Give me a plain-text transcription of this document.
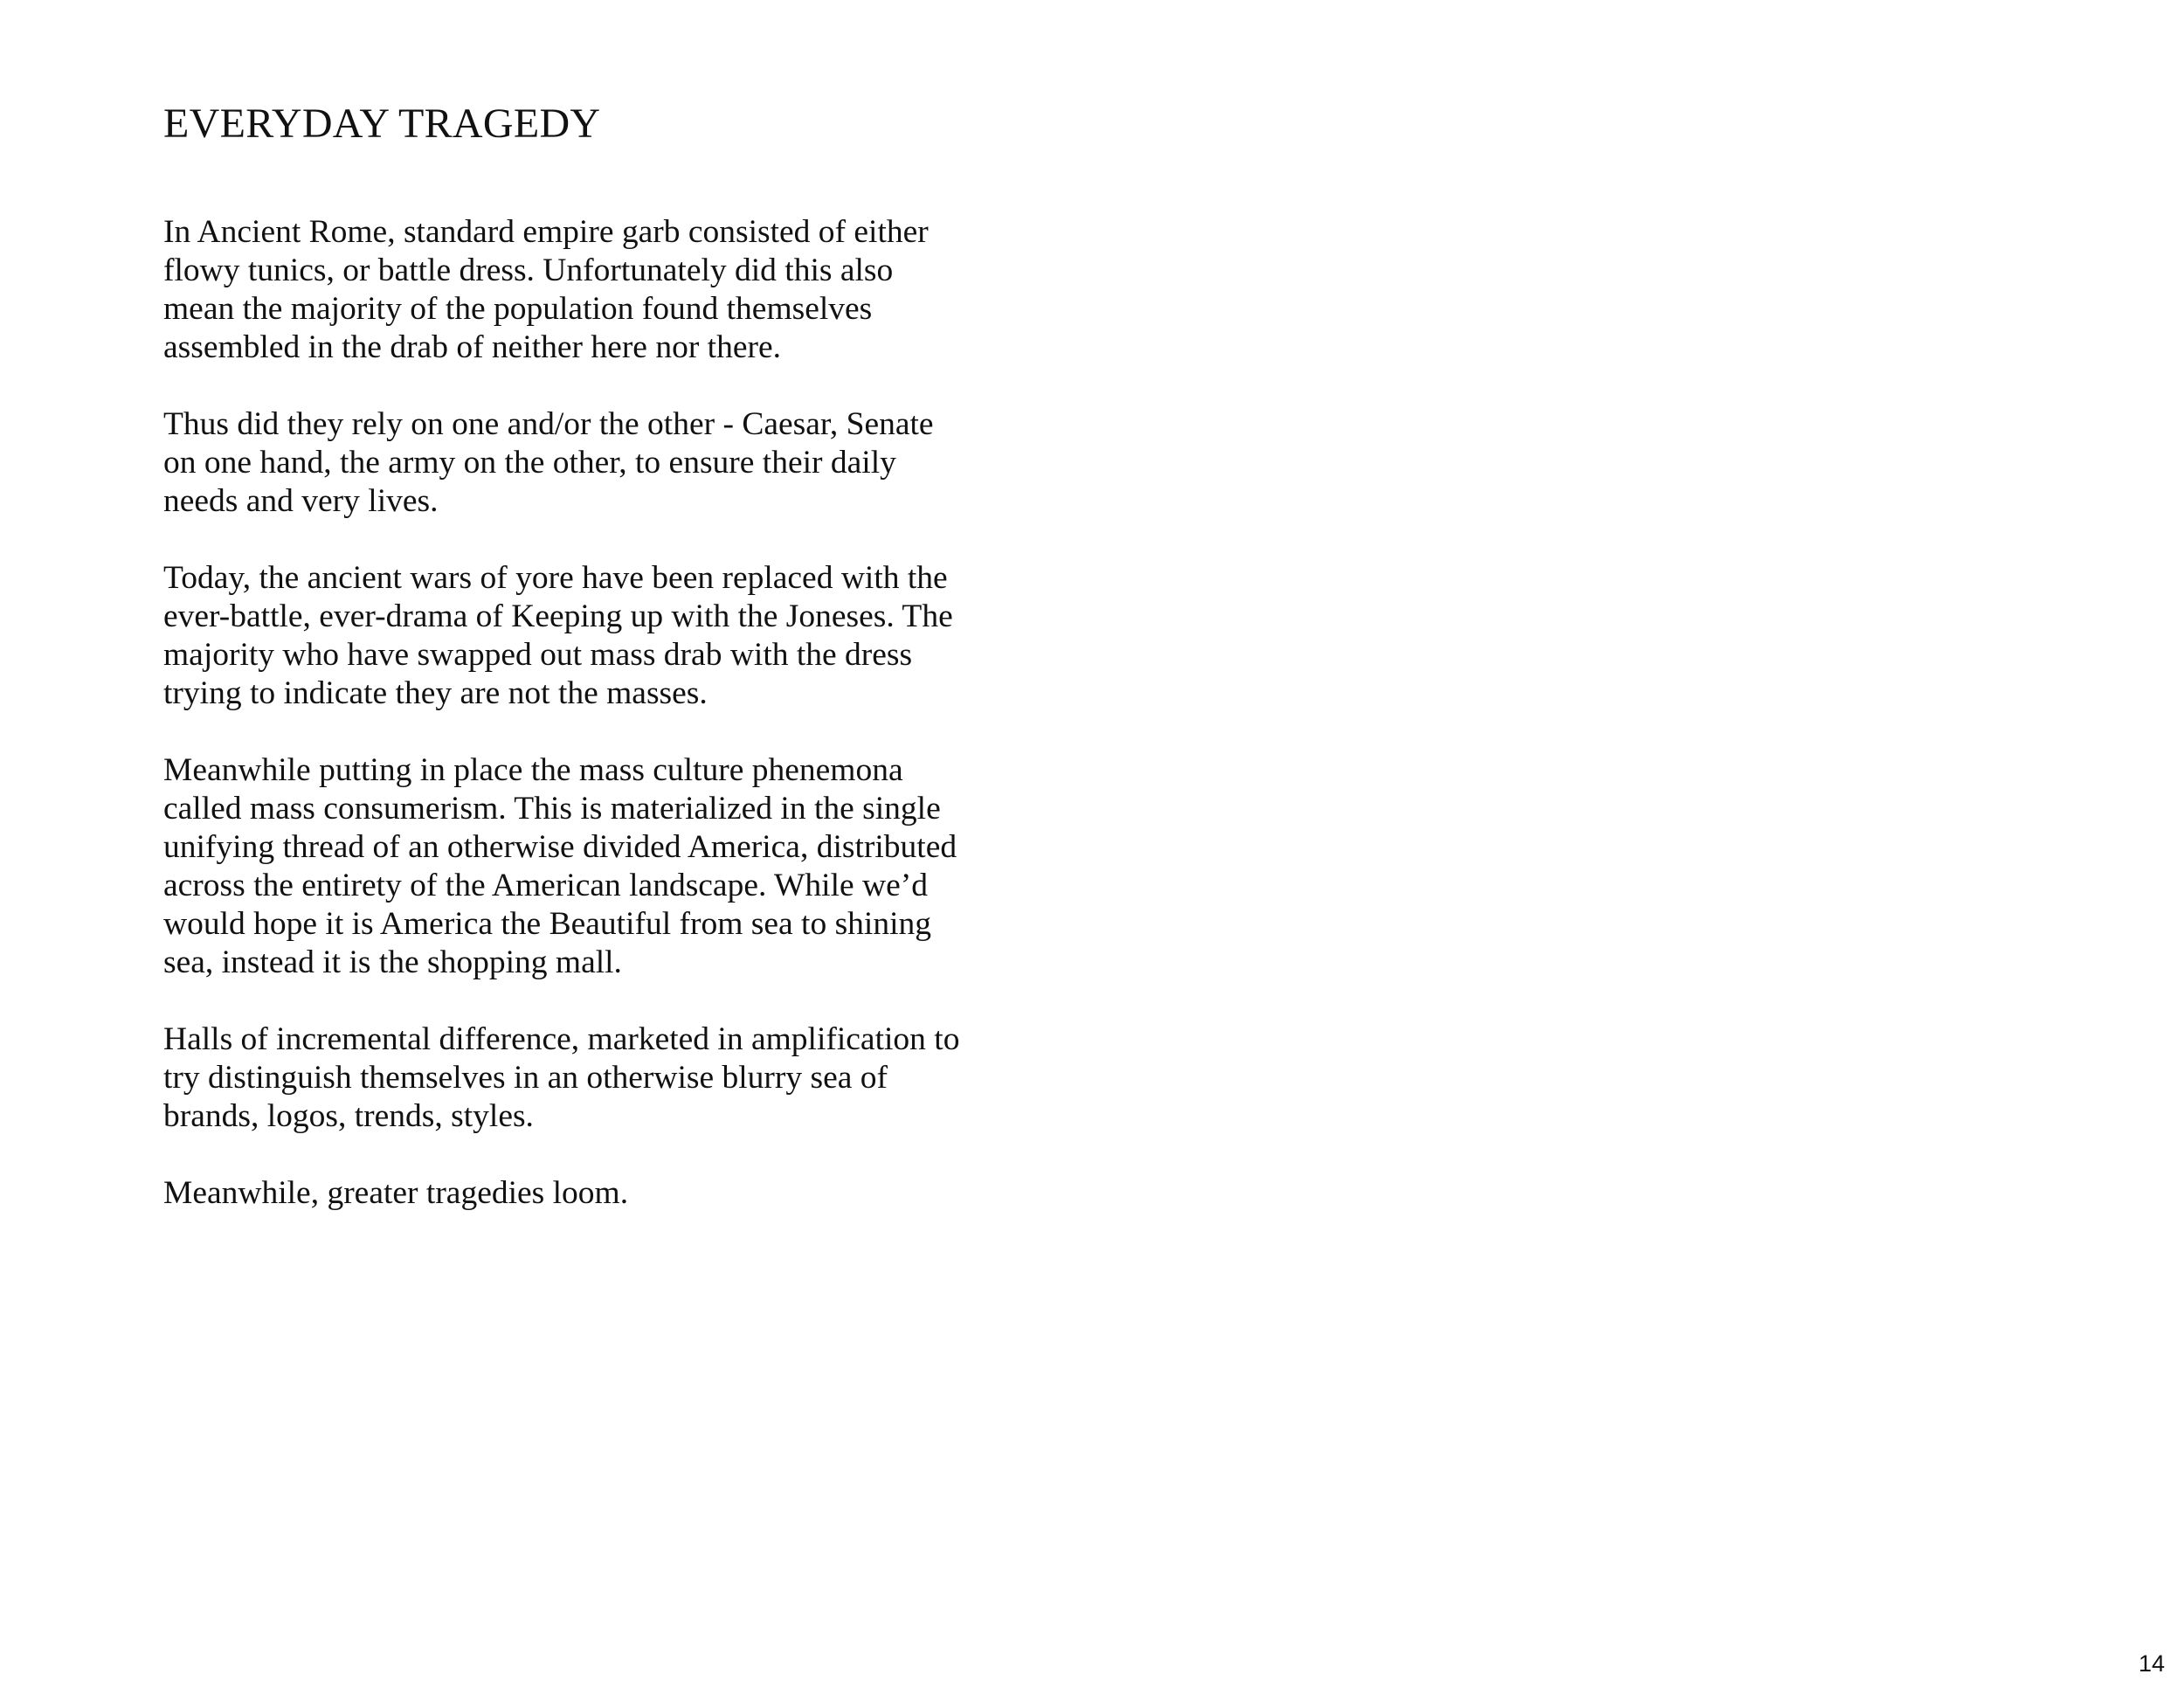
EVERYDAY TRAGEDY

In Ancient Rome, standard empire garb consisted of either
flowy tunics, or battle dress. Unfortunately did this also
mean the majority of the population found themselves
assembled in the drab of neither here nor there.

Thus did they rely on one and/or the other - Caesar, Senate
on one hand, the army on the other, to ensure their daily
needs and very lives.

Today, the ancient wars of yore have been replaced with the
ever-battle, ever-drama of Keeping up with the Joneses. The
majority who have swapped out mass drab with the dress
trying to indicate they are not the masses.

Meanwhile putting in place the mass culture phenemona
called mass consumerism. This is materialized in the single
unifying thread of an otherwise divided America, distributed
across the entirety of the American landscape. While we’d
would hope it is America the Beautiful from sea to shining
sea, instead it is the shopping mall.

Halls of incremental difference, marketed in amplification to
try distinguish themselves in an otherwise blurry sea of
brands, logos, trends, styles.

Meanwhile, greater tragedies loom.

14
